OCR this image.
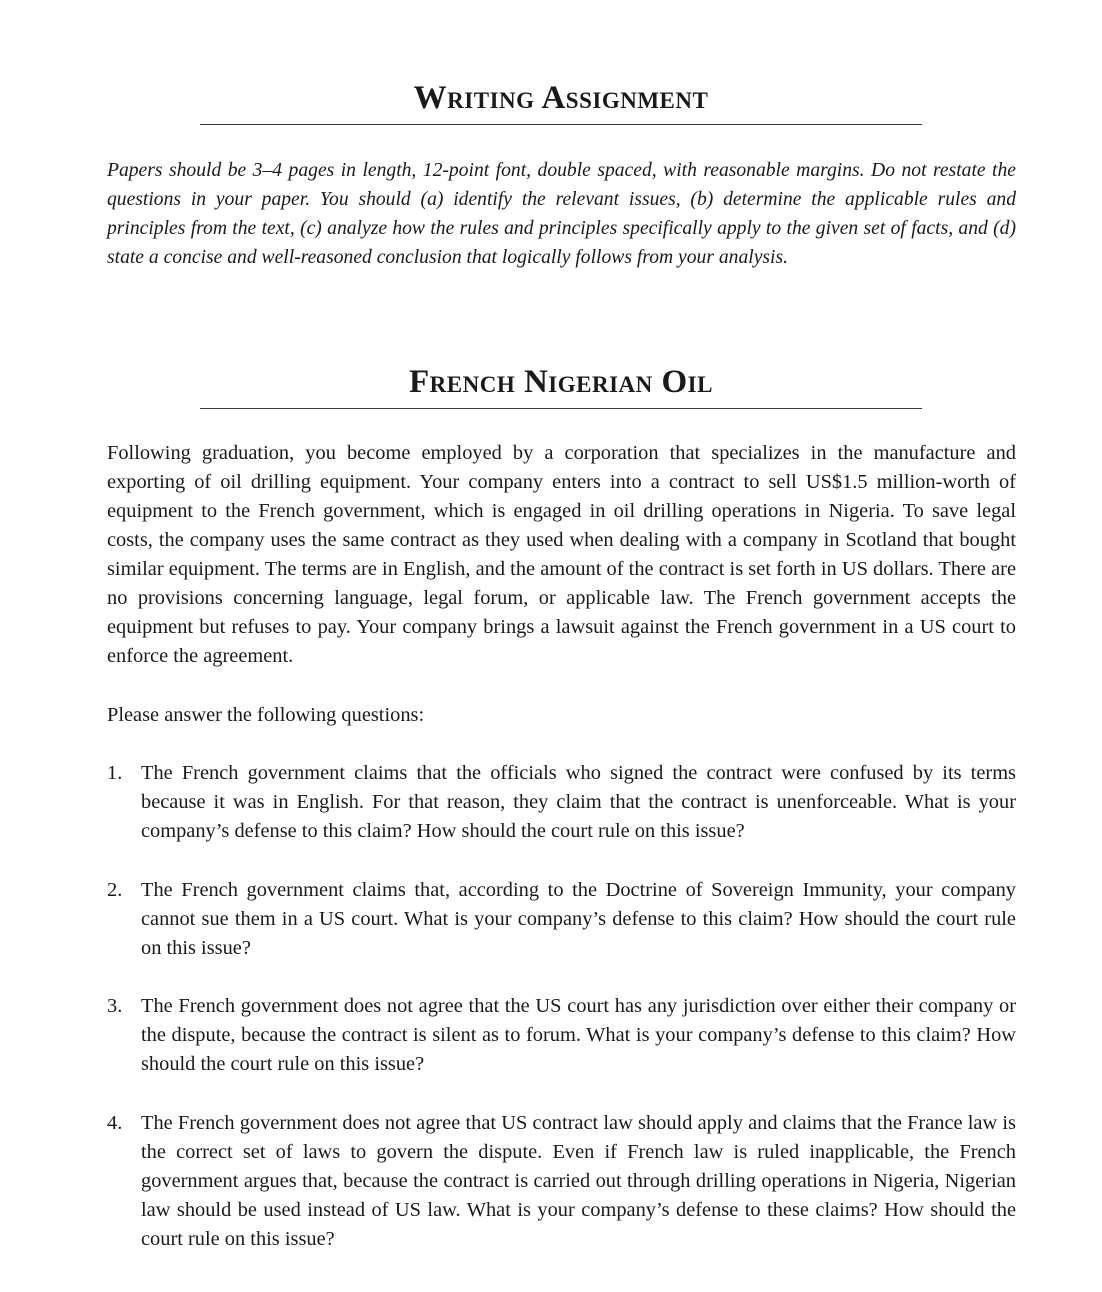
Writing Assignment

Papers should be 3–4 pages in length, 12-point font, double spaced, with reasonable margins. Do not restate the questions in your paper. You should (a) identify the relevant issues, (b) determine the applicable rules and principles from the text, (c) analyze how the rules and principles specifically apply to the given set of facts, and (d) state a concise and well-reasoned conclusion that logically follows from your analysis.

French Nigerian Oil

Following graduation, you become employed by a corporation that specializes in the manufacture and exporting of oil drilling equipment. Your company enters into a contract to sell US$1.5 million-worth of equipment to the French government, which is engaged in oil drilling operations in Nigeria. To save legal costs, the company uses the same contract as they used when dealing with a company in Scotland that bought similar equipment. The terms are in English, and the amount of the contract is set forth in US dollars. There are no provisions concerning language, legal forum, or applicable law. The French government accepts the equipment but refuses to pay. Your company brings a lawsuit against the French government in a US court to enforce the agreement.

Please answer the following questions:

1. The French government claims that the officials who signed the contract were confused by its terms because it was in English. For that reason, they claim that the contract is unenforceable. What is your company’s defense to this claim? How should the court rule on this issue?
2. The French government claims that, according to the Doctrine of Sovereign Immunity, your company cannot sue them in a US court. What is your company’s defense to this claim? How should the court rule on this issue?
3. The French government does not agree that the US court has any jurisdiction over either their company or the dispute, because the contract is silent as to forum. What is your company’s defense to this claim? How should the court rule on this issue?
4. The French government does not agree that US contract law should apply and claims that the France law is the correct set of laws to govern the dispute. Even if French law is ruled inapplicable, the French government argues that, because the contract is carried out through drilling operations in Nigeria, Nigerian law should be used instead of US law. What is your company’s defense to these claims? How should the court rule on this issue?
